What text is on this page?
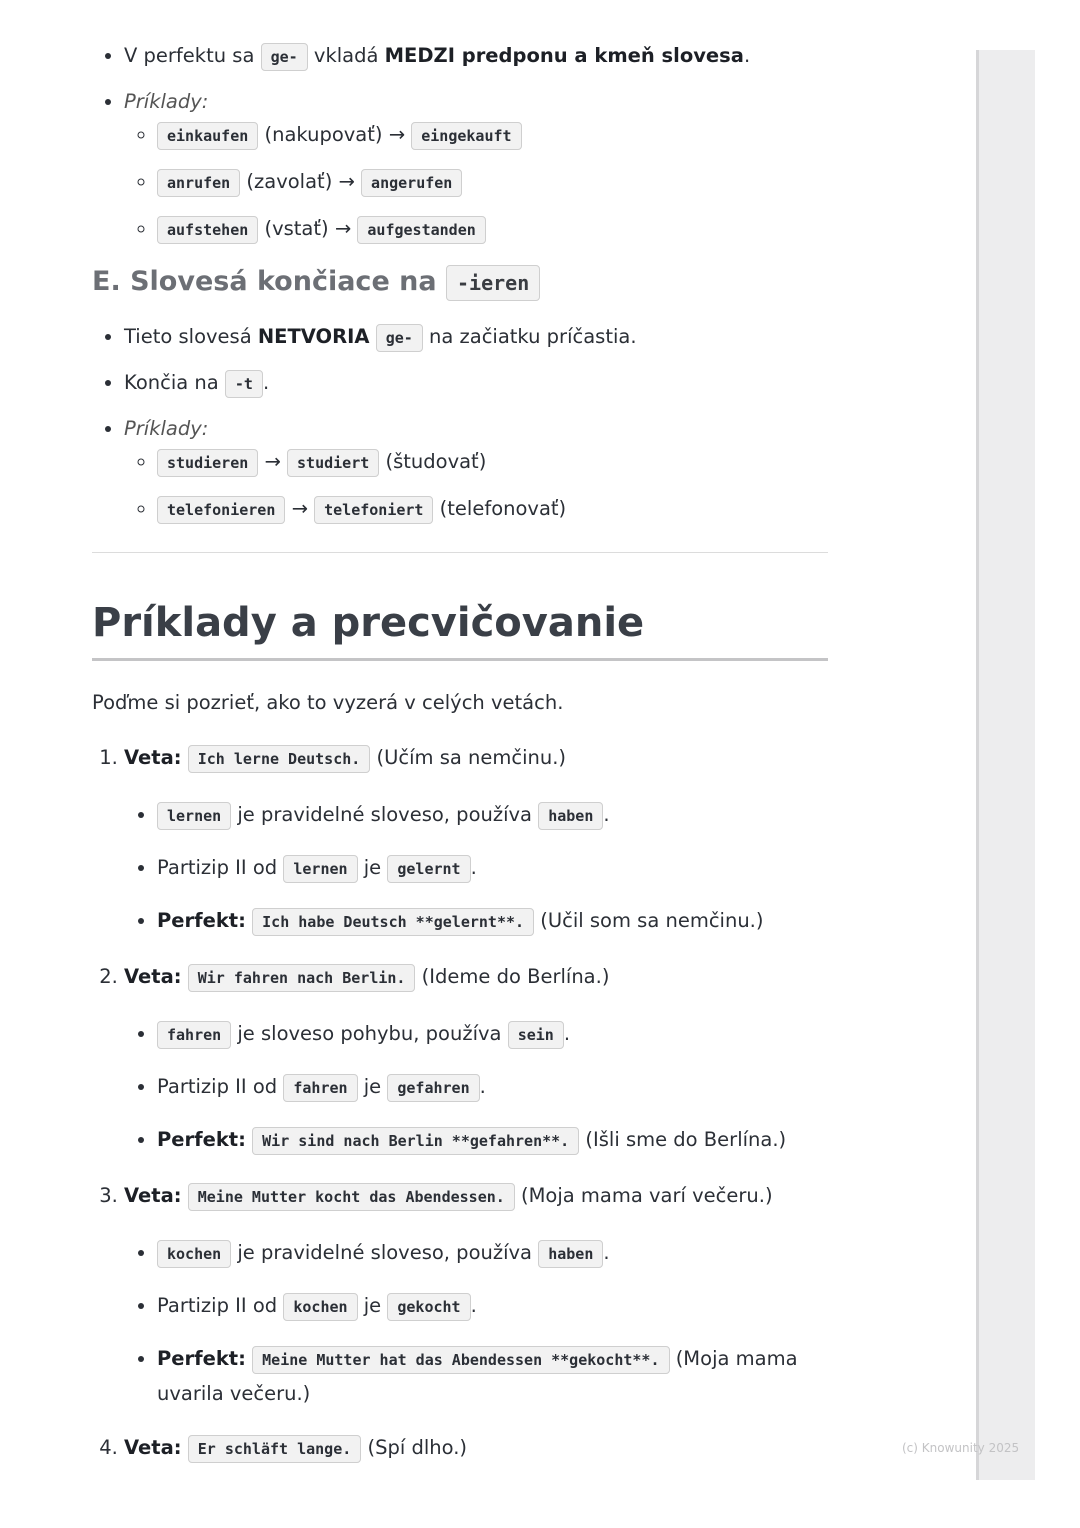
• V perfektu sa ge- vkladá MEDZI predponu a kmeň slovesa.
• Príklady:
◦ einkaufen (nakupovať) → eingekauft
◦ anrufen (zavolať) → angerufen
◦ aufstehen (vstať) → aufgestanden
E. Slovesá končiace na -ieren
• Tieto slovesá NETVORIA ge- na začiatku príčastia.
• Končia na -t .
• Príklady:
◦ studieren → studiert (študovať)
◦ telefonieren → telefoniert (telefonovať)
Príklady a precvičovanie

Poďme si pozrieť, ako to vyzerá v celých vetách.

1. Veta: Ich lerne Deutsch. (Učím sa nemčinu.)
• lernen je pravidelné sloveso, používa haben .
• Partizip II od lernen je gelernt .
• Perfekt: Ich habe Deutsch **gelernt**. (Učil som sa nemčinu.)
2. Veta: Wir fahren nach Berlin. (Ideme do Berlína.)
• fahren je sloveso pohybu, používa sein .
• Partizip II od fahren je gefahren .
• Perfekt: Wir sind nach Berlin **gefahren**. (Išli sme do Berlína.)
3. Veta: Meine Mutter kocht das Abendessen. (Moja mama varí večeru.)
• kochen je pravidelné sloveso, používa haben .
• Partizip II od kochen je gekocht .
• Perfekt: Meine Mutter hat das Abendessen **gekocht**. (Moja mama uvarila večeru.)
4. Veta: Er schläft lange. (Spí dlho.)	(c) Knowunity 2025
